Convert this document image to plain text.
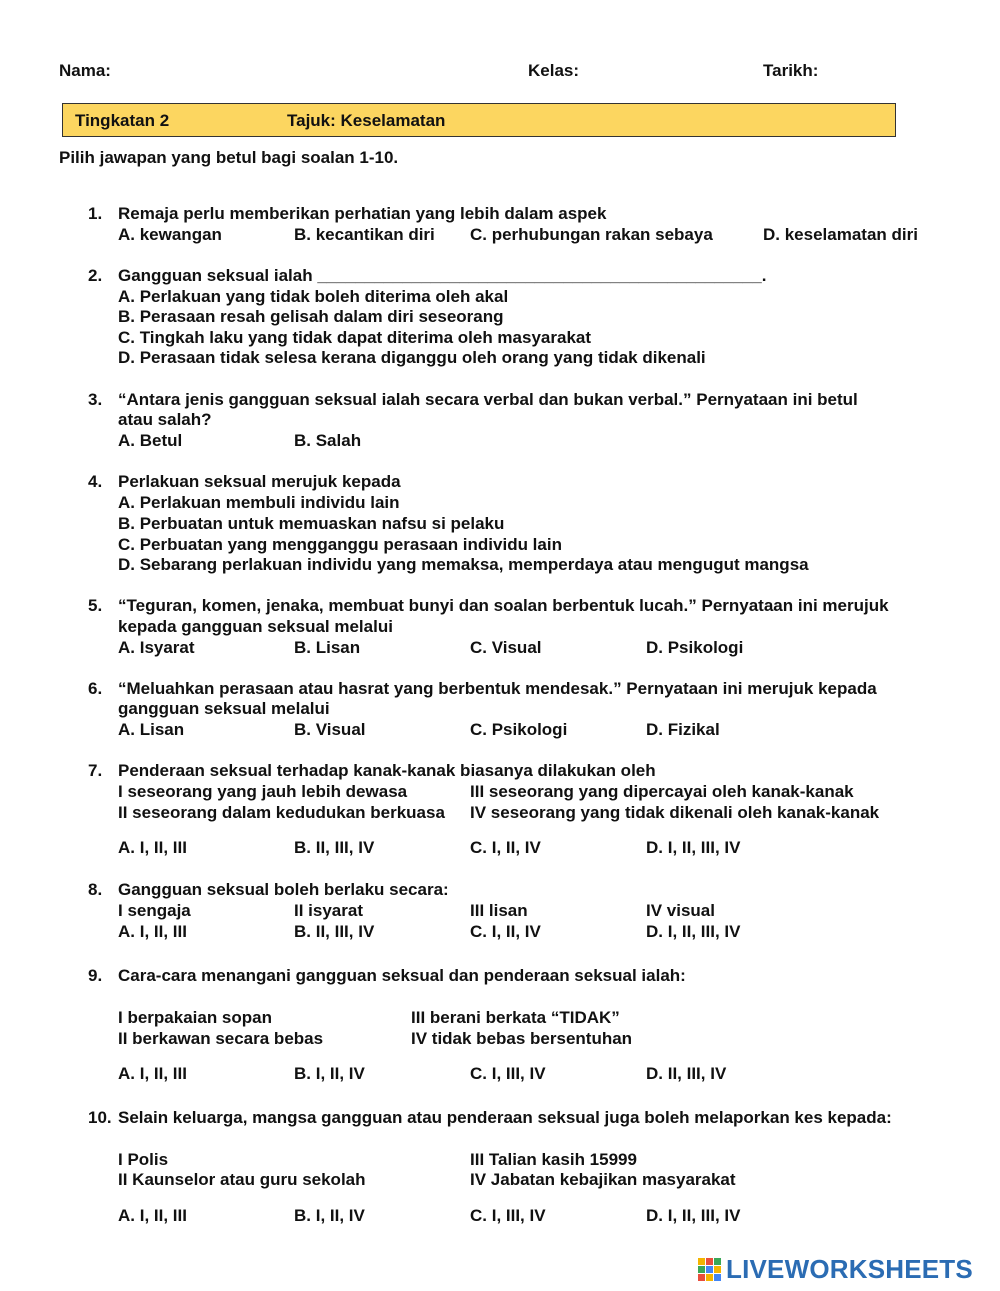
Nama:	Kelas:	Tarikh:
Tingkatan 2	Tajuk: Keselamatan
Pilih jawapan yang betul bagi soalan 1-10.
1. Remaja perlu memberikan perhatian yang lebih dalam aspek
A. kewangan	B. kecantikan diri C. perhubungan rakan sebaya	D. keselamatan diri
2. Gangguan seksual ialah _______________________________________________.
A. Perlakuan yang tidak boleh diterima oleh akal
B. Perasaan resah gelisah dalam diri seseorang
C. Tingkah laku yang tidak dapat diterima oleh masyarakat
D. Perasaan tidak selesa kerana diganggu oleh orang yang tidak dikenali
3. “Antara jenis gangguan seksual ialah secara verbal dan bukan verbal.” Pernyataan ini betul
atau salah?
A. Betul	B. Salah
4. Perlakuan seksual merujuk kepada
A. Perlakuan membuli individu lain
B. Perbuatan untuk memuaskan nafsu si pelaku
C. Perbuatan yang mengganggu perasaan individu lain
D. Sebarang perlakuan individu yang memaksa, memperdaya atau mengugut mangsa
5. “Teguran, komen, jenaka, membuat bunyi dan soalan berbentuk lucah.” Pernyataan ini merujuk
kepada gangguan seksual melalui
A. Isyarat	B. Lisan	C. Visual	D. Psikologi
6. “Meluahkan perasaan atau hasrat yang berbentuk mendesak.” Pernyataan ini merujuk kepada
gangguan seksual melalui
A. Lisan	B. Visual	C. Psikologi	D. Fizikal
7. Penderaan seksual terhadap kanak-kanak biasanya dilakukan oleh
I seseorang yang jauh lebih dewasa	III seseorang yang dipercayai oleh kanak-kanak
II seseorang dalam kedudukan berkuasa IV seseorang yang tidak dikenali oleh kanak-kanak
A. I, II, III	B. II, III, IV	C. I, II, IV	D. I, II, III, IV
8. Gangguan seksual boleh berlaku secara:
I sengaja	II isyarat	III lisan	IV visual
A. I, II, III	B. II, III, IV	C. I, II, IV	D. I, II, III, IV
9. Cara-cara menangani gangguan seksual dan penderaan seksual ialah:
I berpakaian sopan	III berani berkata “TIDAK”
II berkawan secara bebas	IV tidak bebas bersentuhan
A. I, II, III	B. I, II, IV	C. I, III, IV	D. II, III, IV
10. Selain keluarga, mangsa gangguan atau penderaan seksual juga boleh melaporkan kes kepada:
I Polis	III Talian kasih 15999
II Kaunselor atau guru sekolah	IV Jabatan kebajikan masyarakat
A. I, II, III	B. I, II, IV	C. I, III, IV	D. I, II, III, IV
LIVEWORKSHEETS
